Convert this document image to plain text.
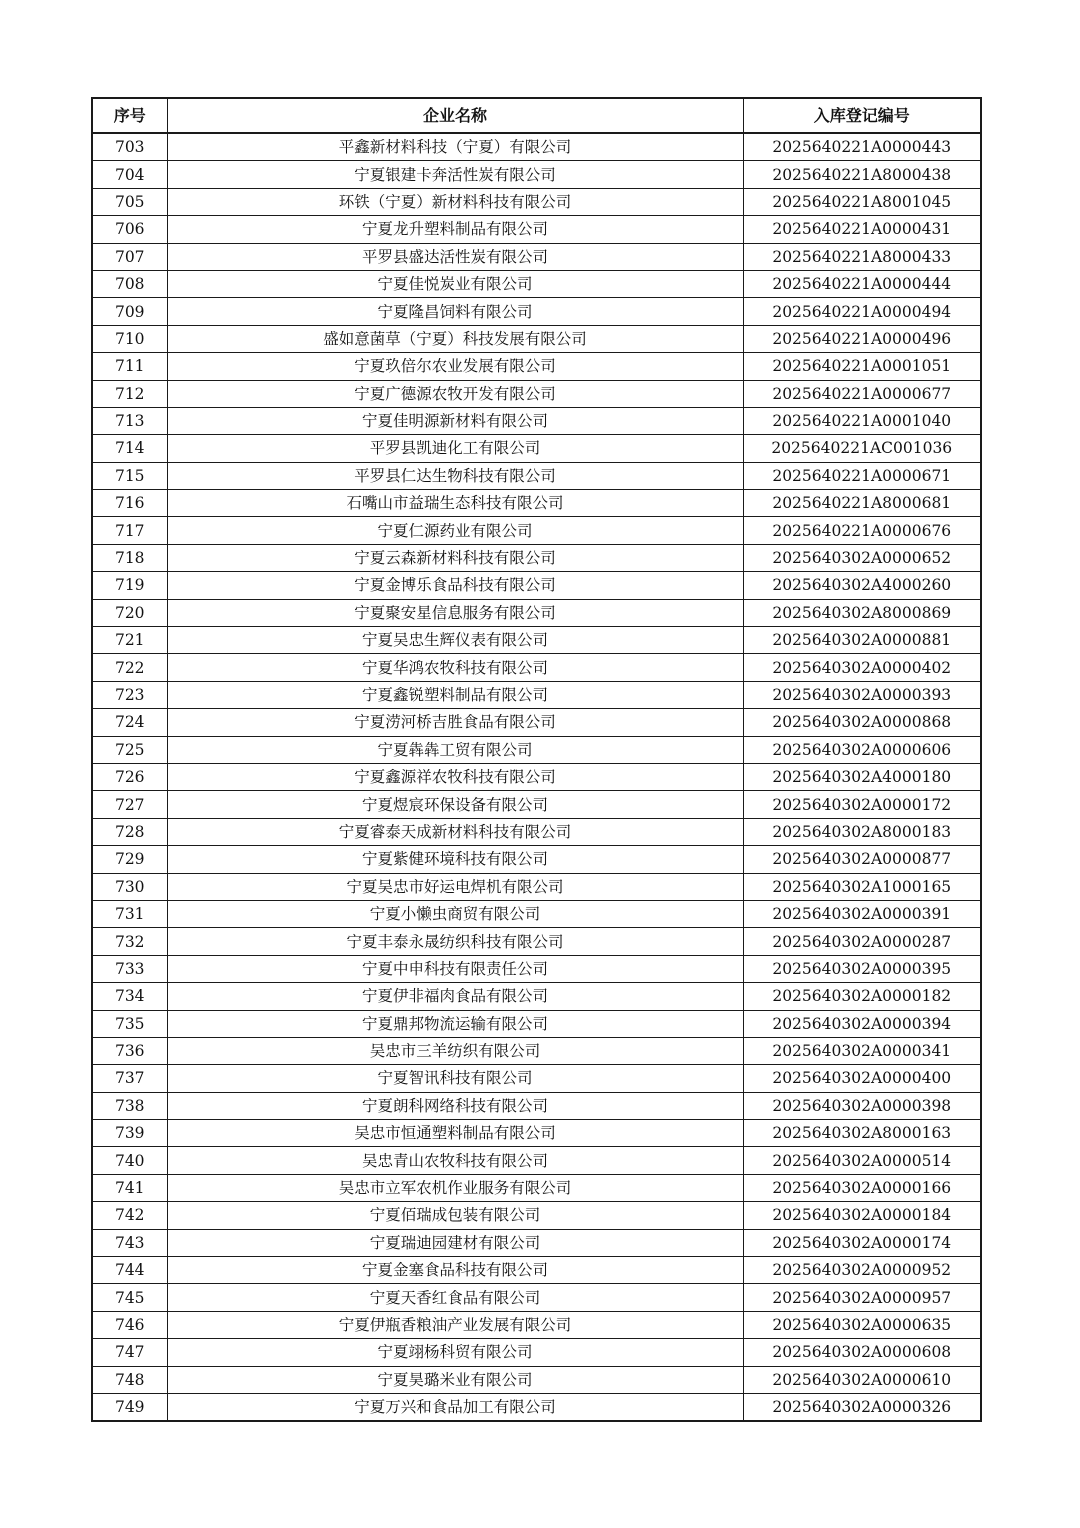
序号	企业名称	入库登记编号
703	平鑫新材料科技（宁夏）有限公司	2025640221A0000443
704	宁夏银建卡奔活性炭有限公司	2025640221A8000438
705	环铁（宁夏）新材料科技有限公司	2025640221A8001045
706	宁夏龙升塑料制品有限公司	2025640221A0000431
707	平罗县盛达活性炭有限公司	2025640221A8000433
708	宁夏佳悦炭业有限公司	2025640221A0000444
709	宁夏隆昌饲料有限公司	2025640221A0000494
710	盛如意菌草（宁夏）科技发展有限公司	2025640221A0000496
711	宁夏玖倍尔农业发展有限公司	2025640221A0001051
712	宁夏广德源农牧开发有限公司	2025640221A0000677
713	宁夏佳明源新材料有限公司	2025640221A0001040
714	平罗县凯迪化工有限公司	2025640221AC001036
715	平罗县仁达生物科技有限公司	2025640221A0000671
716	石嘴山市益瑞生态科技有限公司	2025640221A8000681
717	宁夏仁源药业有限公司	2025640221A0000676
718	宁夏云森新材料科技有限公司	2025640302A0000652
719	宁夏金博乐食品科技有限公司	2025640302A4000260
720	宁夏聚安星信息服务有限公司	2025640302A8000869
721	宁夏吴忠生辉仪表有限公司	2025640302A0000881
722	宁夏华鸿农牧科技有限公司	2025640302A0000402
723	宁夏鑫锐塑料制品有限公司	2025640302A0000393
724	宁夏涝河桥吉胜食品有限公司	2025640302A0000868
725	宁夏犇犇工贸有限公司	2025640302A0000606
726	宁夏鑫源祥农牧科技有限公司	2025640302A4000180
727	宁夏煜宸环保设备有限公司	2025640302A0000172
728	宁夏睿泰天成新材料科技有限公司	2025640302A8000183
729	宁夏紫健环境科技有限公司	2025640302A0000877
730	宁夏吴忠市好运电焊机有限公司	2025640302A1000165
731	宁夏小懒虫商贸有限公司	2025640302A0000391
732	宁夏丰泰永晟纺织科技有限公司	2025640302A0000287
733	宁夏中申科技有限责任公司	2025640302A0000395
734	宁夏伊非福肉食品有限公司	2025640302A0000182
735	宁夏鼎邦物流运输有限公司	2025640302A0000394
736	吴忠市三羊纺织有限公司	2025640302A0000341
737	宁夏智讯科技有限公司	2025640302A0000400
738	宁夏朗科网络科技有限公司	2025640302A0000398
739	吴忠市恒通塑料制品有限公司	2025640302A8000163
740	吴忠青山农牧科技有限公司	2025640302A0000514
741	吴忠市立军农机作业服务有限公司	2025640302A0000166
742	宁夏佰瑞成包装有限公司	2025640302A0000184
743	宁夏瑞迪园建材有限公司	2025640302A0000174
744	宁夏金塞食品科技有限公司	2025640302A0000952
745	宁夏天香红食品有限公司	2025640302A0000957
746	宁夏伊瓶香粮油产业发展有限公司	2025640302A0000635
747	宁夏翊杨科贸有限公司	2025640302A0000608
748	宁夏昊璐米业有限公司	2025640302A0000610
749	宁夏万兴和食品加工有限公司	2025640302A0000326
